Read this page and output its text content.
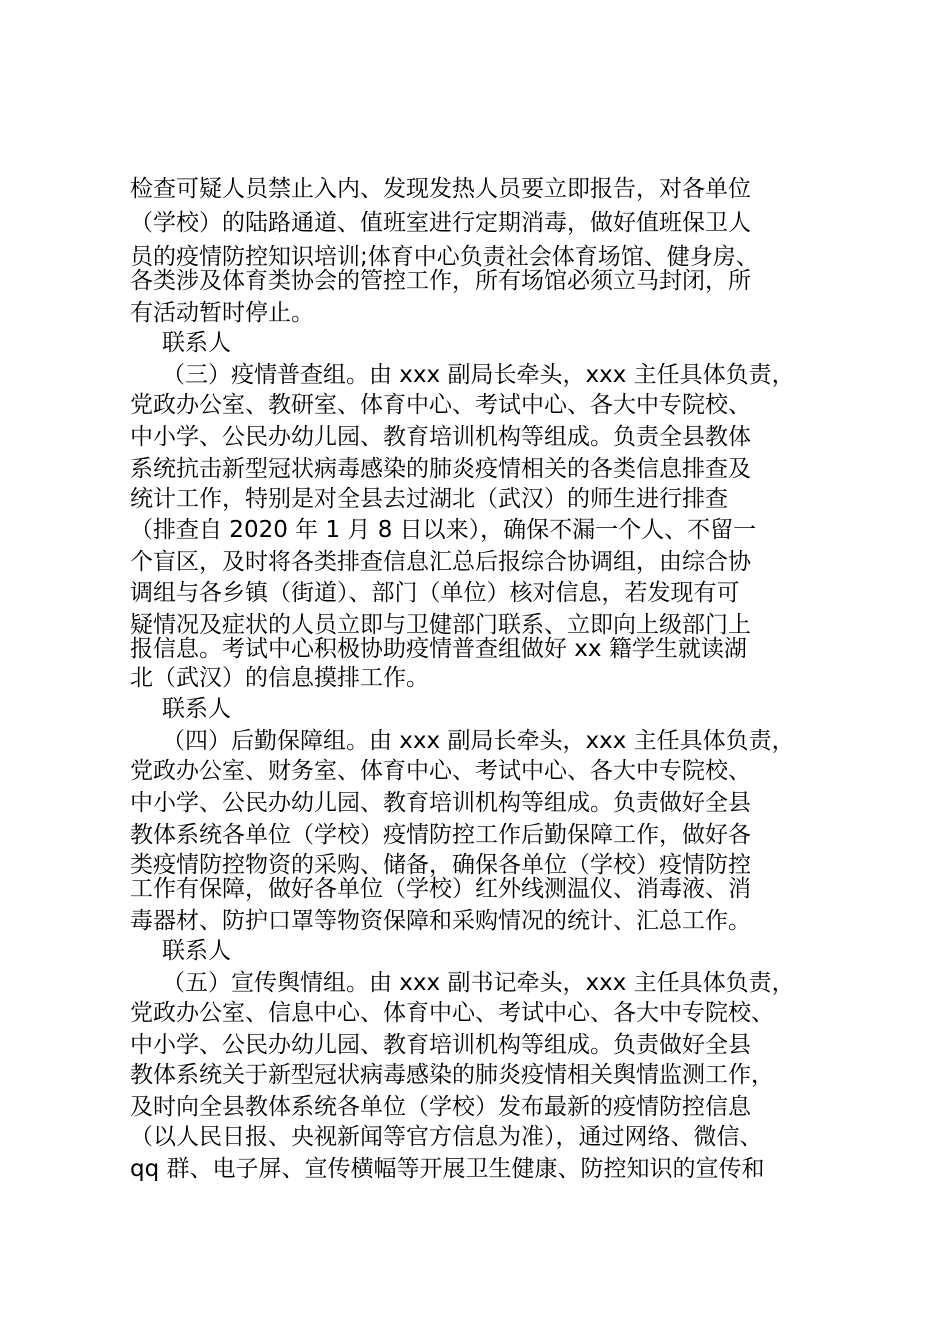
检查可疑人员禁止入内、发现发热人员要立即报告，对各单位
（学校）的陆路通道、值班室进行定期消毒，做好值班保卫人
员的疫情防控知识培训;体育中心负责社会体育场馆、健身房、
各类涉及体育类协会的管控工作，所有场馆必须立马封闭，所
有活动暂时停止。
联系人
（三）疫情普查组。由 xxx 副局长牵头，xxx 主任具体负责，
党政办公室、教研室、体育中心、考试中心、各大中专院校、
中小学、公民办幼儿园、教育培训机构等组成。负责全县教体
系统抗击新型冠状病毒感染的肺炎疫情相关的各类信息排查及
统计工作，特别是对全县去过湖北（武汉）的师生进行排查
（排查自 2020 年 1 月 8 日以来），确保不漏一个人、不留一
个盲区，及时将各类排查信息汇总后报综合协调组，由综合协
调组与各乡镇（街道）、部门（单位）核对信息，若发现有可
疑情况及症状的人员立即与卫健部门联系、立即向上级部门上
报信息。考试中心积极协助疫情普查组做好 xx 籍学生就读湖
北（武汉）的信息摸排工作。
联系人
（四）后勤保障组。由 xxx 副局长牵头，xxx 主任具体负责，
党政办公室、财务室、体育中心、考试中心、各大中专院校、
中小学、公民办幼儿园、教育培训机构等组成。负责做好全县
教体系统各单位（学校）疫情防控工作后勤保障工作，做好各
类疫情防控物资的采购、储备，确保各单位（学校）疫情防控
工作有保障，做好各单位（学校）红外线测温仪、消毒液、消
毒器材、防护口罩等物资保障和采购情况的统计、汇总工作。
联系人
（五）宣传舆情组。由 xxx 副书记牵头，xxx 主任具体负责，
党政办公室、信息中心、体育中心、考试中心、各大中专院校、
中小学、公民办幼儿园、教育培训机构等组成。负责做好全县
教体系统关于新型冠状病毒感染的肺炎疫情相关舆情监测工作，
及时向全县教体系统各单位（学校）发布最新的疫情防控信息
（以人民日报、央视新闻等官方信息为准），通过网络、微信、
qq 群、电子屏、宣传横幅等开展卫生健康、防控知识的宣传和
